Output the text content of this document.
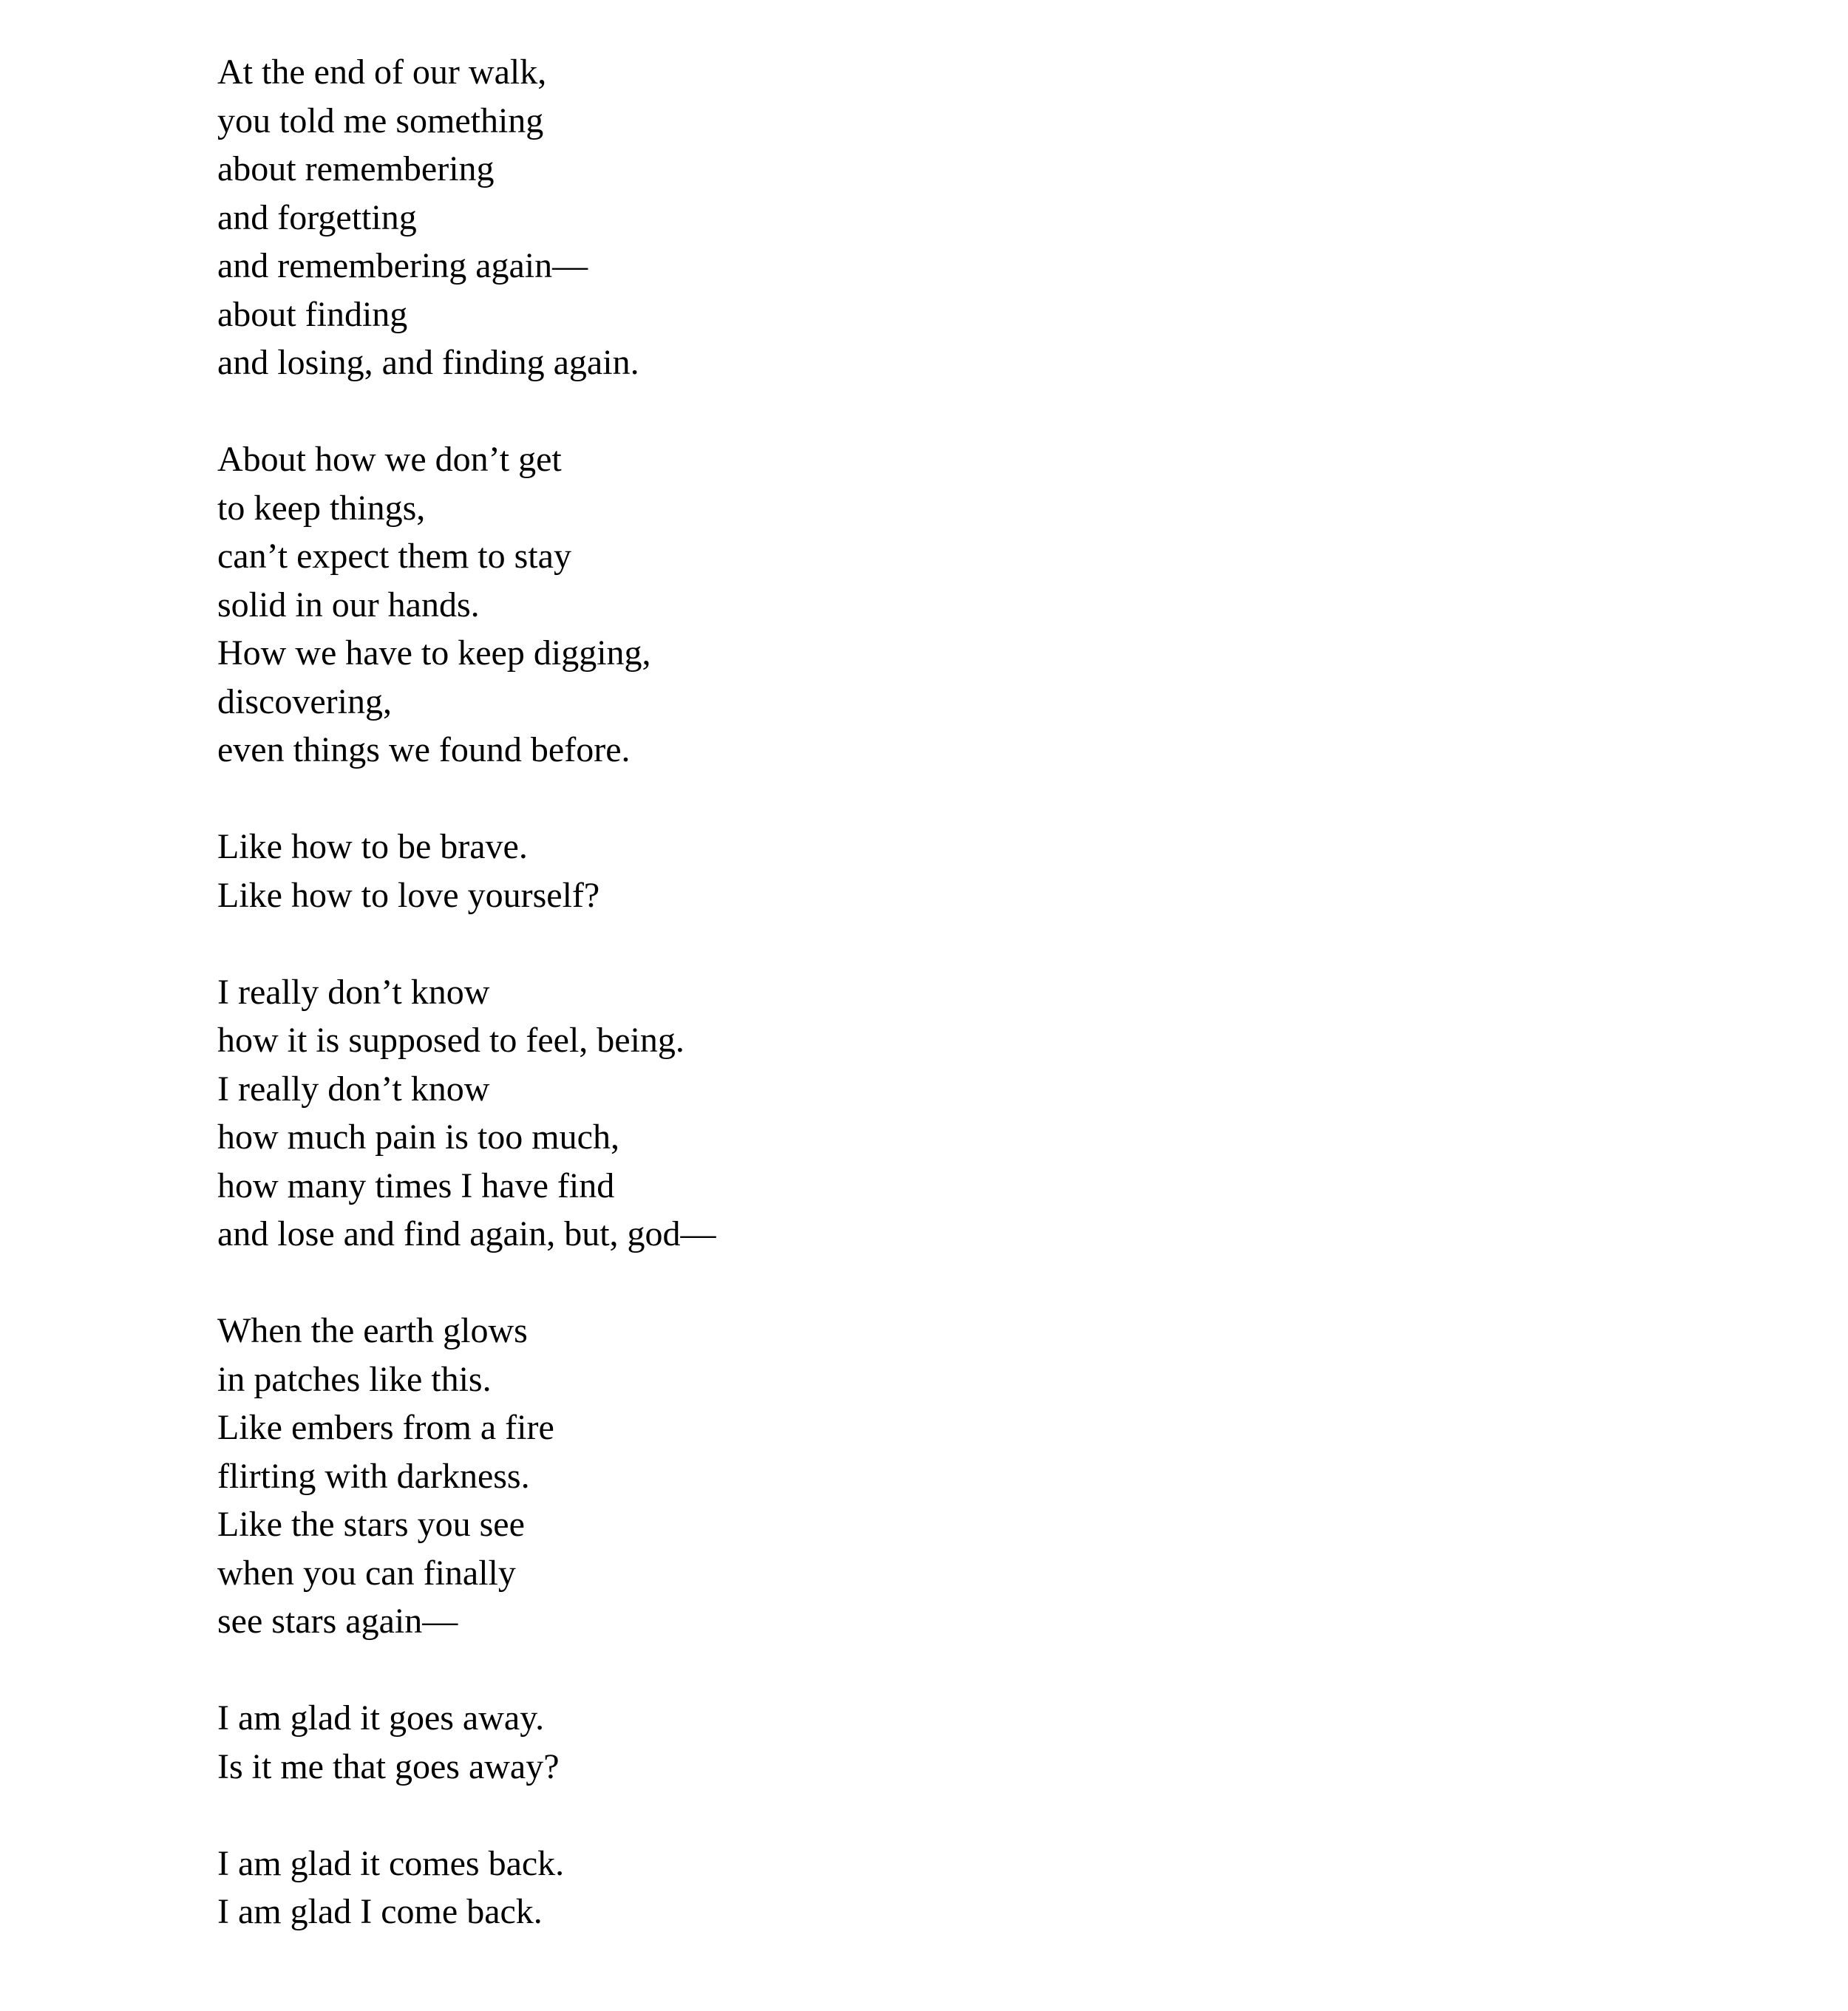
At the end of our walk,
you told me something
about remembering
and forgetting
and remembering again—
about finding
and losing, and finding again.
About how we don’t get
to keep things,
can’t expect them to stay
solid in our hands.
How we have to keep digging,
discovering,
even things we found before.
Like how to be brave.
Like how to love yourself?
I really don’t know
how it is supposed to feel, being.
I really don’t know
how much pain is too much,
how many times I have find
and lose and find again, but, god—
When the earth glows
in patches like this.
Like embers from a fire
flirting with darkness.
Like the stars you see
when you can finally
see stars again—
I am glad it goes away.
Is it me that goes away?
I am glad it comes back.
I am glad I come back.
